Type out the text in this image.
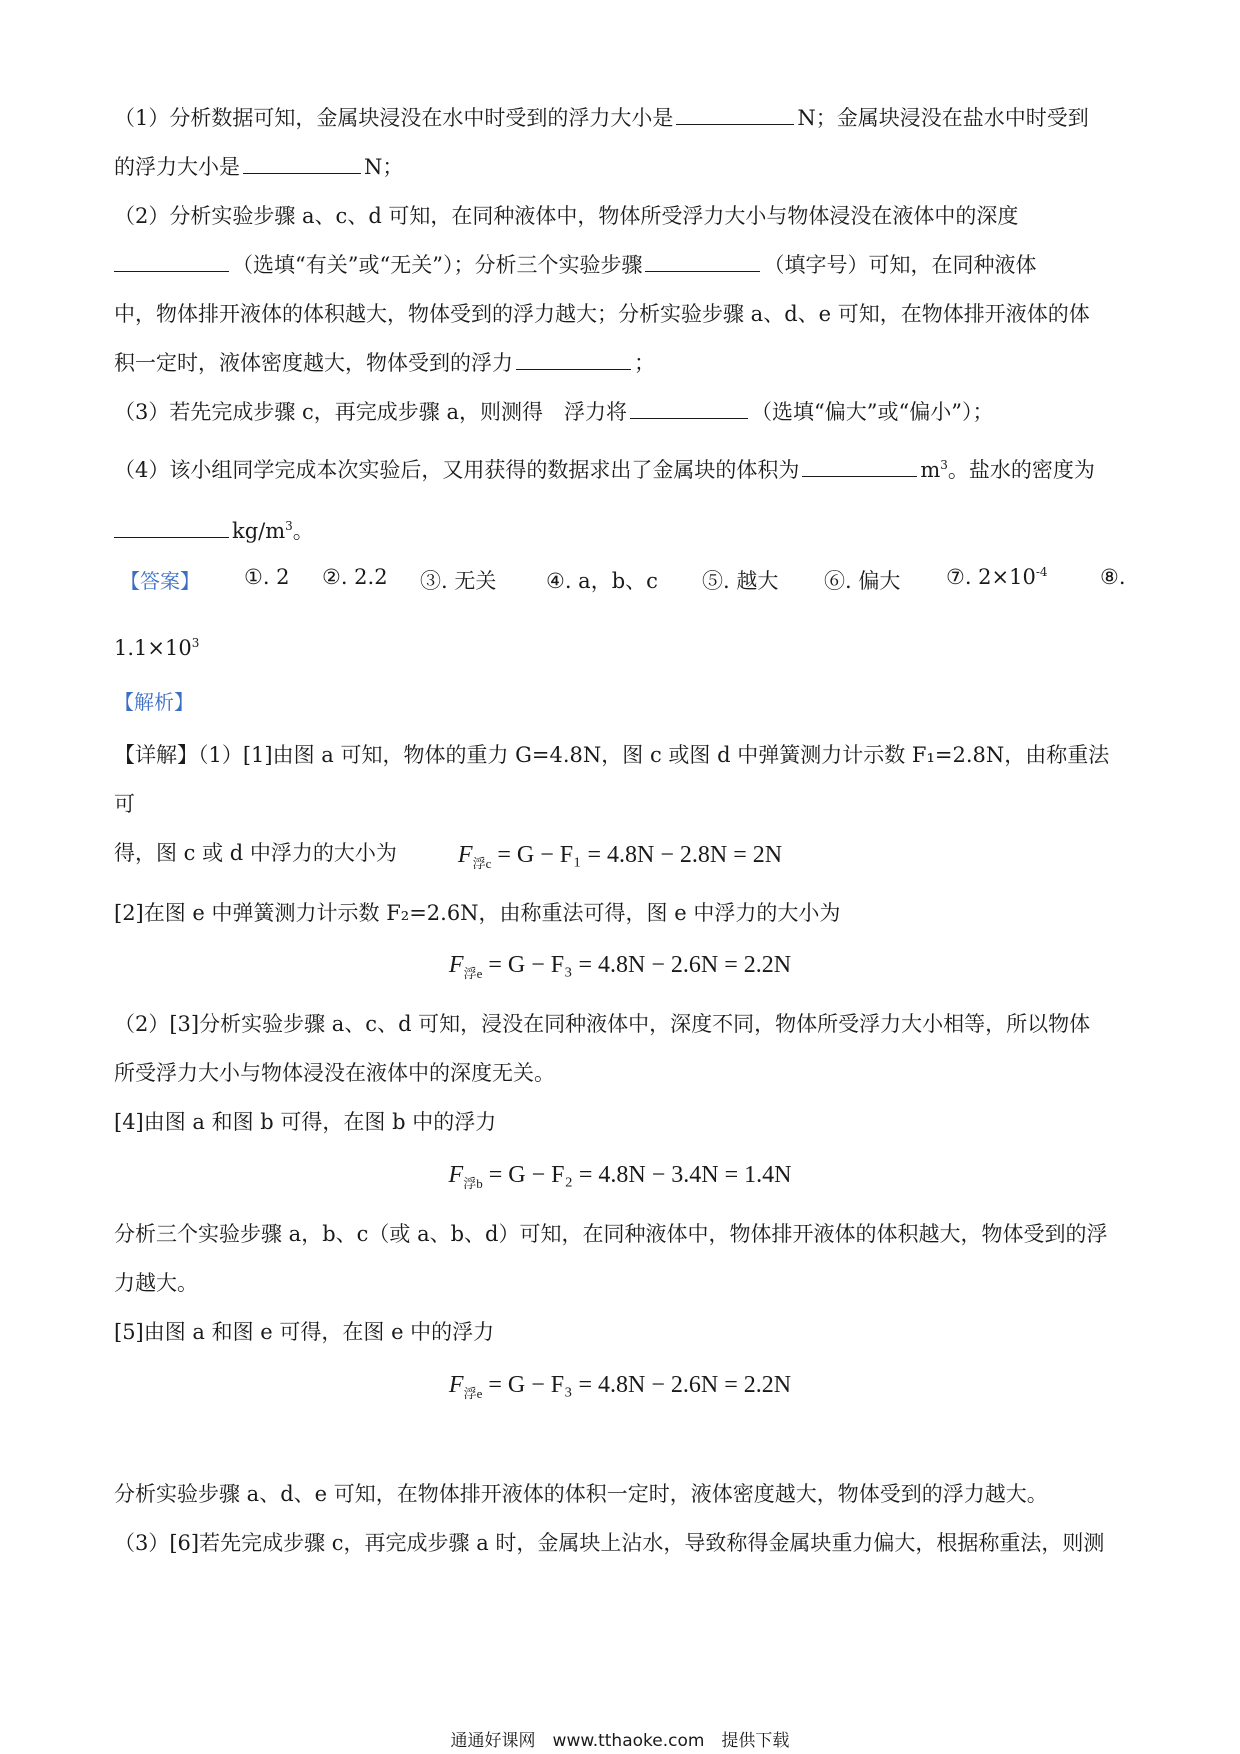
（1）分析数据可知，金属块浸没在水中时受到的浮力大小是	N；金属块浸没在盐水中时受到
的浮力大小是	N；

（2）分析实验步骤 a、c、d 可知，在同种液体中，物体所受浮力大小与物体浸没在液体中的深度
（选填“有关”或“无关”）；分析三个实验步骤	（填字号）可知，在同种液体
中，物体排开液体的体积越大，物体受到的浮力越大；分析实验步骤 a、d、e 可知，在物体排开液体的体
积一定时，液体密度越大，物体受到的浮力	；

（3）若先完成步骤 c，再完成步骤 a，则测得　浮力将	（选填“偏大”或“偏小”）；

（4）该小组同学完成本次实验后，又用获得的数据求出了金属块的体积为	$m^3$。盐水的密度为
$kg/m^3$。

【答案】 ①. 2 ②. 2.2 ③. 无关 ④. a，b、c ⑤. 越大 ⑥. 偏大 ⑦. $2\times 10^{-4}$ ⑧.
$1.1\times 10^3$
【解析】

【详解】（1）[1]由图 a 可知，物体的重力 G=4.8N，图 c 或图 d 中弹簧测力计示数 F₁=2.8N，由称重法可
得，图 c 或 d 中浮力的大小为	$F_{浮c} = G - F_1 = 4.8N - 2.8N = 2N$

[2]在图 e 中弹簧测力计示数 F₂=2.6N，由称重法可得，图 e 中浮力的大小为

$F_{浮e} = G - F_3 = 4.8N - 2.6N = 2.2N$

（2）[3]分析实验步骤 a、c、d 可知，浸没在同种液体中，深度不同，物体所受浮力大小相等，所以物体
所受浮力大小与物体浸没在液体中的深度无关。

[4]由图 a 和图 b 可得，在图 b 中的浮力

$F_{浮b} = G - F_2 = 4.8N - 3.4N = 1.4N$

分析三个实验步骤 a，b、c（或 a、b、d）可知，在同种液体中，物体排开液体的体积越大，物体受到的浮
力越大。

[5]由图 a 和图 e 可得，在图 e 中的浮力

$F_{浮e} = G - F_3 = 4.8N - 2.6N = 2.2N$

分析实验步骤 a、d、e 可知，在物体排开液体的体积一定时，液体密度越大，物体受到的浮力越大。

（3）[6]若先完成步骤 c，再完成步骤 a 时，金属块上沾水，导致称得金属块重力偏大，根据称重法，则测

通通好课网　www.tthaoke.com　提供下载
